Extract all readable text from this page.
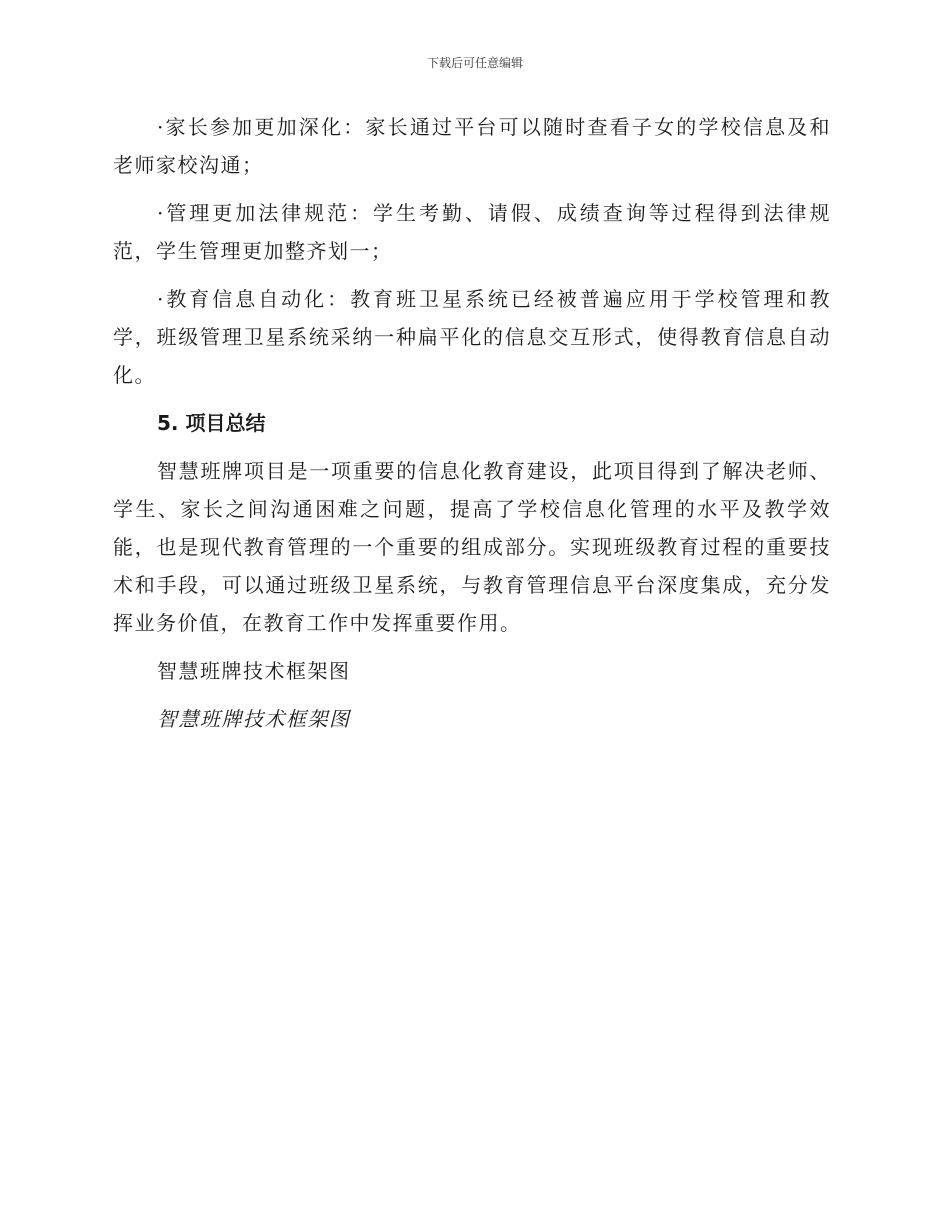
下载后可任意编辑

·家长参加更加深化：家长通过平台可以随时查看子女的学校信息及和老师家校沟通；

·管理更加法律规范：学生考勤、请假、成绩查询等过程得到法律规范，学生管理更加整齐划一；

·教育信息自动化：教育班卫星系统已经被普遍应用于学校管理和教学，班级管理卫星系统采纳一种扁平化的信息交互形式，使得教育信息自动化。

5. 项目总结

智慧班牌项目是一项重要的信息化教育建设，此项目得到了解决老师、学生、家长之间沟通困难之问题，提高了学校信息化管理的水平及教学效能，也是现代教育管理的一个重要的组成部分。实现班级教育过程的重要技术和手段，可以通过班级卫星系统，与教育管理信息平台深度集成，充分发挥业务价值，在教育工作中发挥重要作用。

智慧班牌技术框架图

智慧班牌技术框架图
